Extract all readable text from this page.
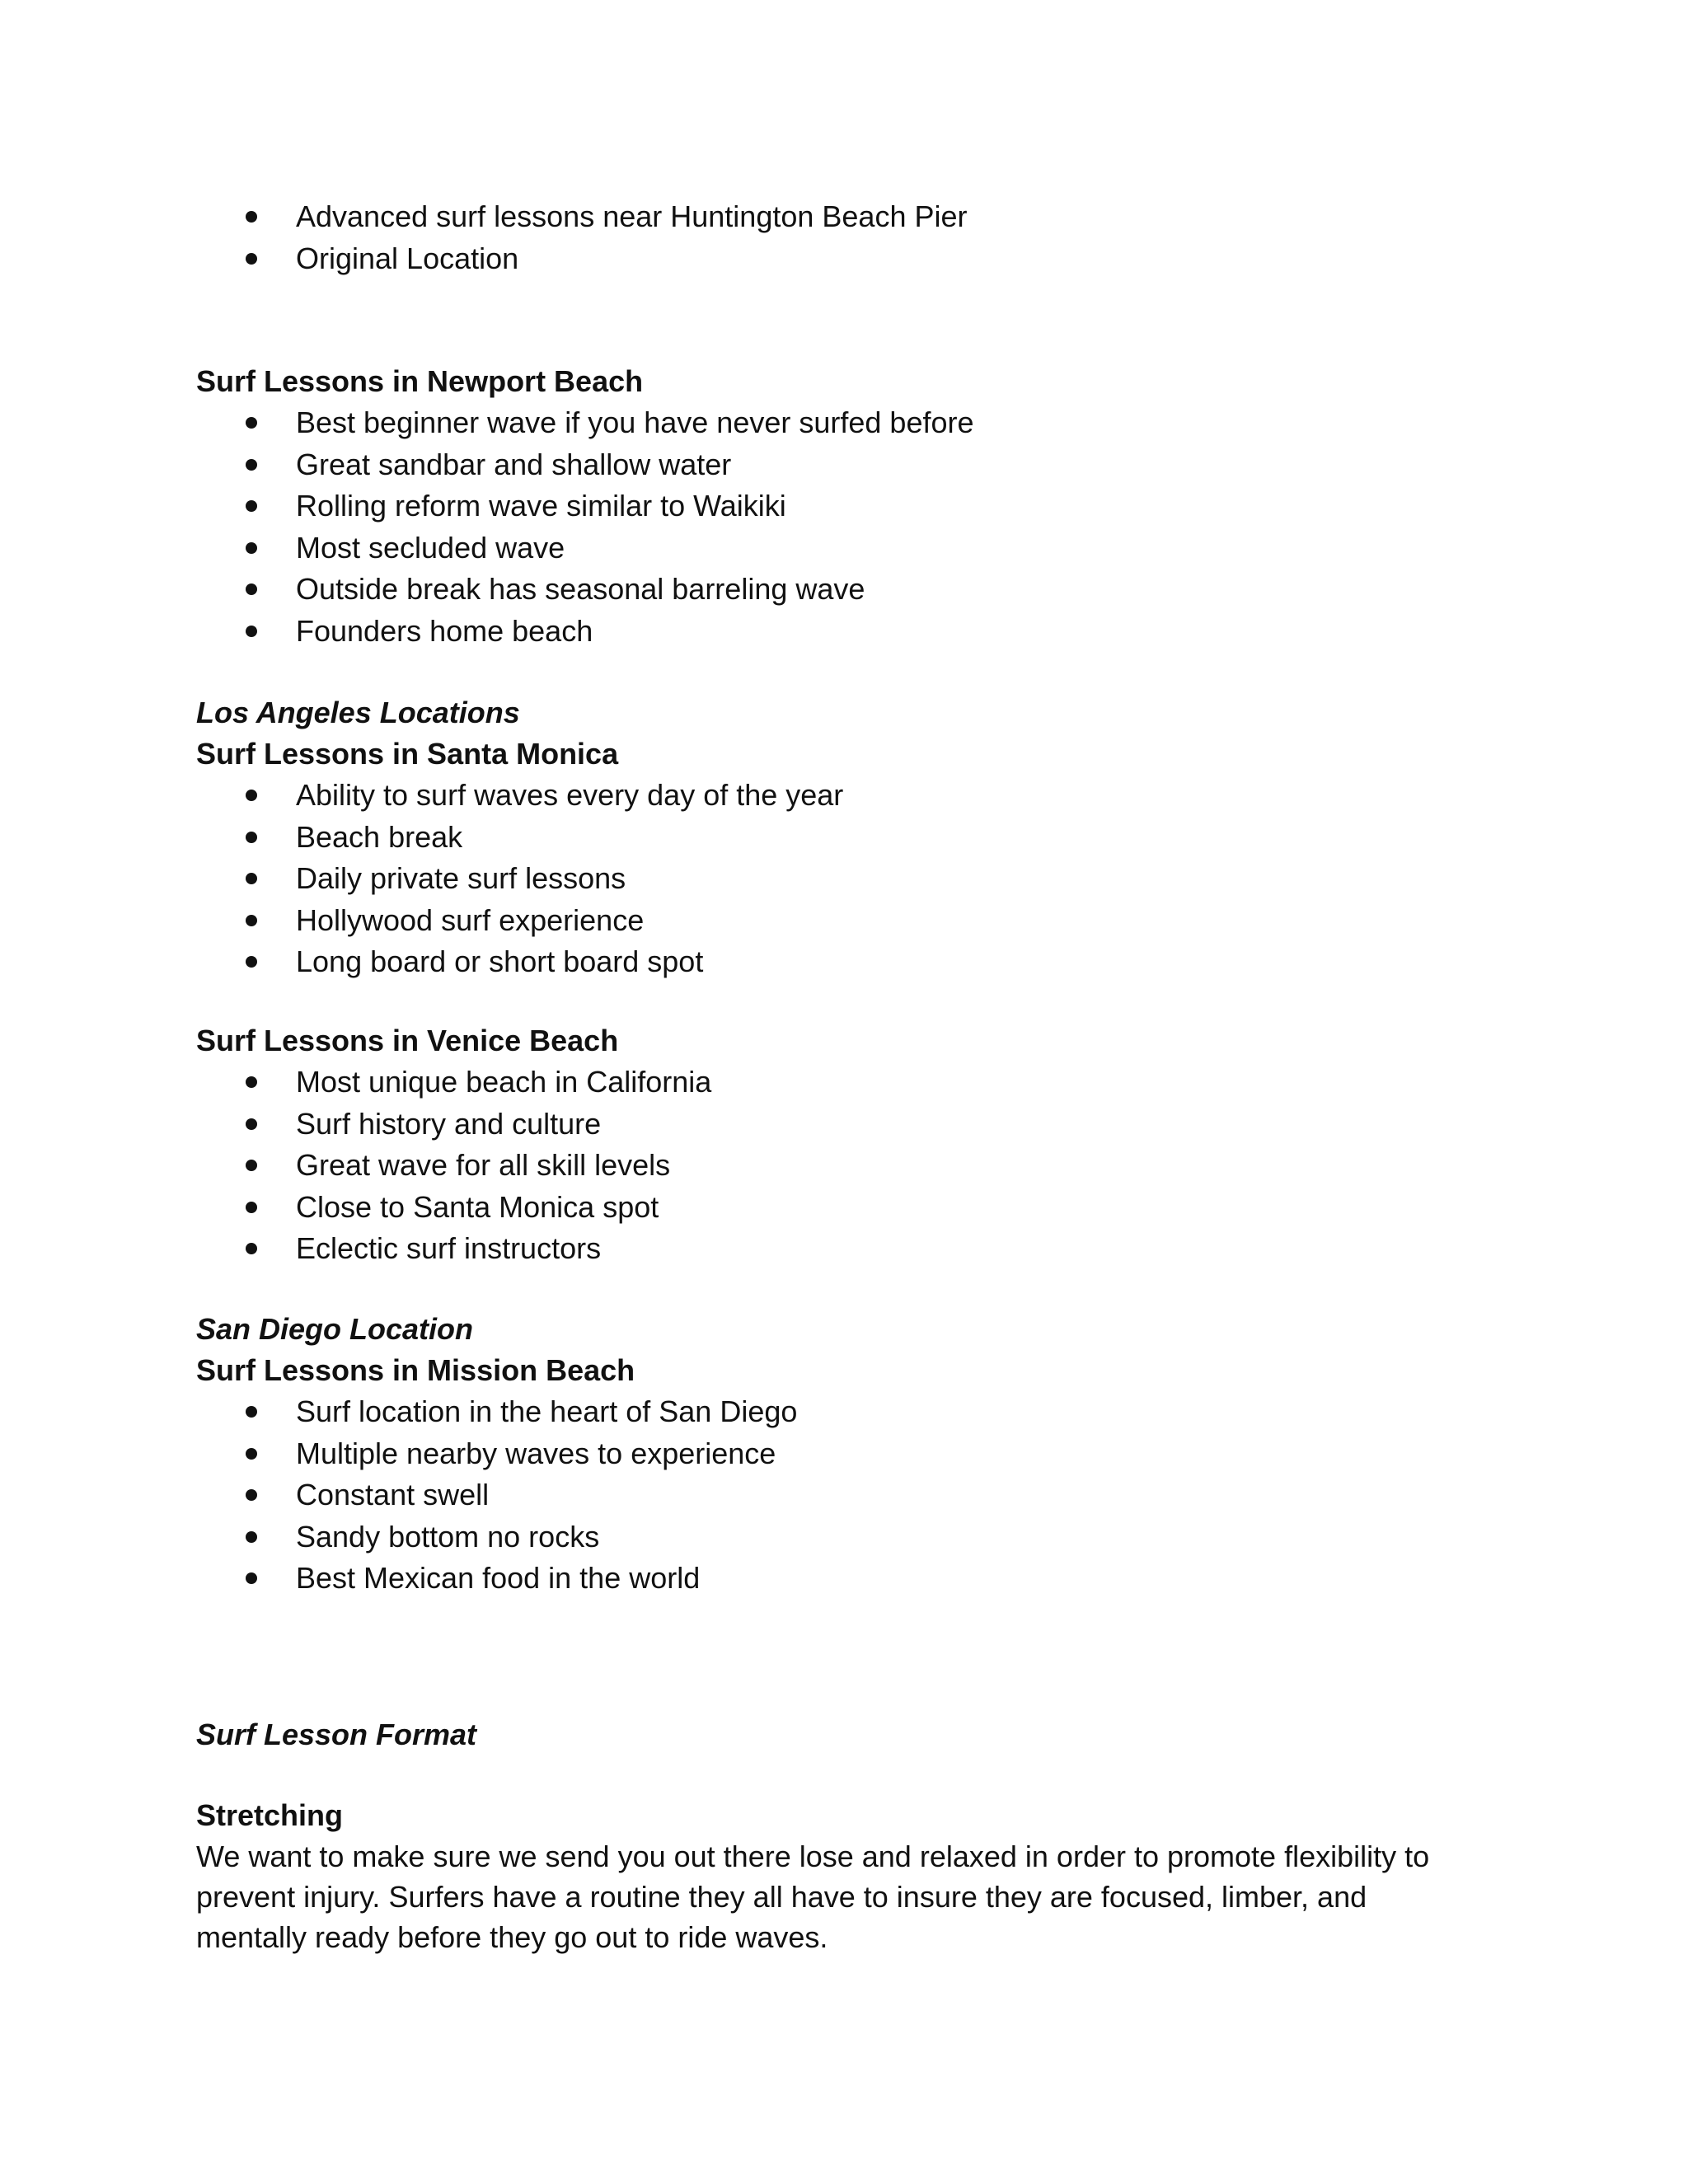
Advanced surf lessons near Huntington Beach Pier
Original Location

Surf Lessons in Newport Beach

Best beginner wave if you have never surfed before
Great sandbar and shallow water
Rolling reform wave similar to Waikiki
Most secluded wave
Outside break has seasonal barreling wave
Founders home beach

Los Angeles Locations

Surf Lessons in Santa Monica

Ability to surf waves every day of the year
Beach break
Daily private surf lessons
Hollywood surf experience
Long board or short board spot

Surf Lessons in Venice Beach

Most unique beach in California
Surf history and culture
Great wave for all skill levels
Close to Santa Monica spot
Eclectic surf instructors

San Diego Location

Surf Lessons in Mission Beach

Surf location in the heart of San Diego
Multiple nearby waves to experience
Constant swell
Sandy bottom no rocks
Best Mexican food in the world

Surf Lesson Format

Stretching

We want to make sure we send you out there lose and relaxed in order to promote flexibility to
prevent injury. Surfers have a routine they all have to insure they are focused, limber, and
mentally ready before they go out to ride waves.
